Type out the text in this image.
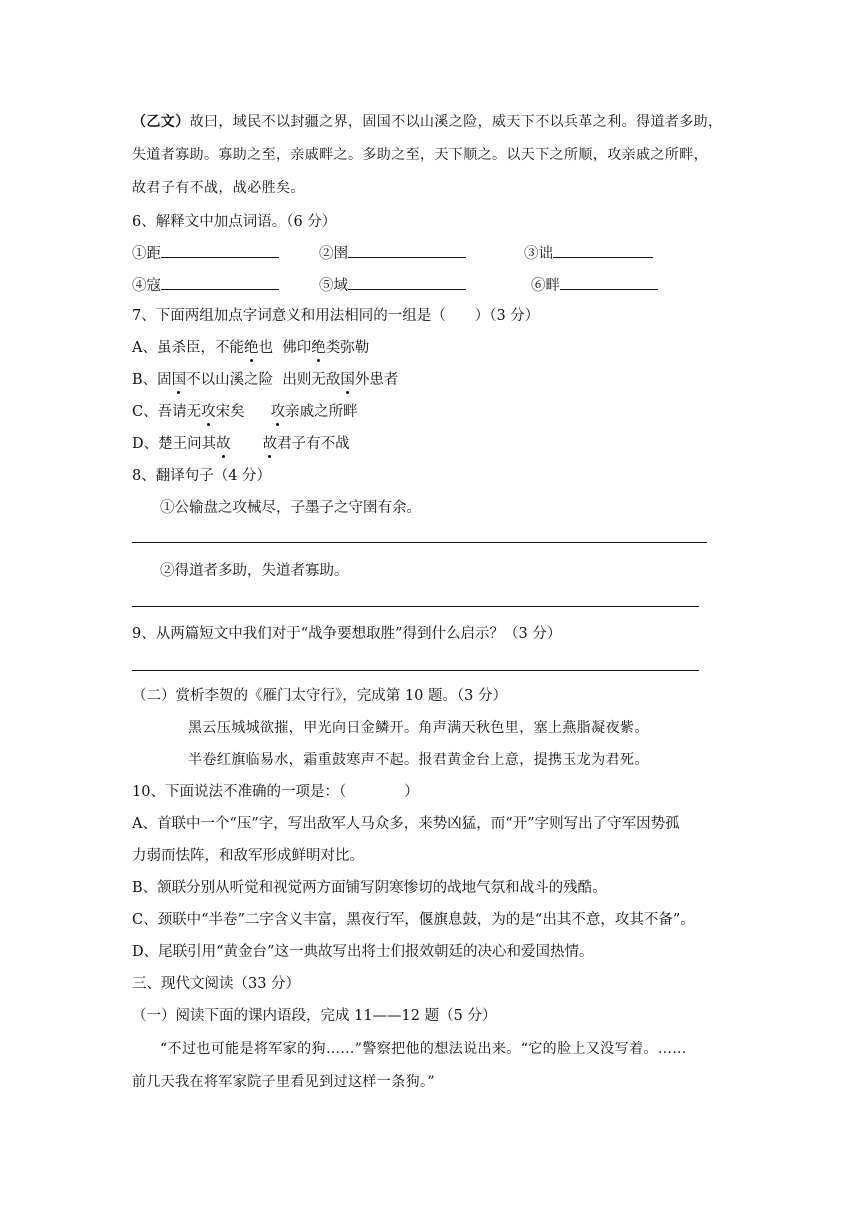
（乙文）故曰，域民不以封疆之界，固国不以山溪之险，威天下不以兵革之利。得道者多助，
失道者寡助。寡助之至，亲戚畔之。多助之至，天下顺之。以天下之所顺，攻亲戚之所畔，
故君子有不战，战必胜矣。
6、解释文中加点词语。（6 分）
①距	②圉	③诎
④寇	⑤域	⑥畔
7、下面两组加点字词意义和用法相同的一组是（　　）（3 分）
A、虽杀臣，不能绝也  佛印绝类弥勒
B、固国不以山溪之险  出则无敌国外患者
C、吾请无攻宋矣 攻亲戚之所畔
D、楚王问其故 故君子有不战
8、翻译句子（4 分）
①公输盘之攻械尽，子墨子之守圉有余。
②得道者多助，失道者寡助。
9、从两篇短文中我们对于“战争要想取胜”得到什么启示？（3 分）
（二）赏析李贺的《雁门太守行》，完成第 10 题。（3 分）
黑云压城城欲摧，甲光向日金鳞开。角声满天秋色里，塞上燕脂凝夜紫。
半卷红旗临易水，霜重鼓寒声不起。报君黄金台上意，提携玉龙为君死。
10、下面说法不准确的一项是：（　　　　）
A、首联中一个“压”字，写出敌军人马众多，来势凶猛，而“开”字则写出了守军因势孤
力弱而怯阵，和敌军形成鲜明对比。
B、颔联分别从听觉和视觉两方面铺写阴寒惨切的战地气氛和战斗的残酷。
C、颈联中“半卷”二字含义丰富，黑夜行军，偃旗息鼓，为的是“出其不意，攻其不备”。
D、尾联引用“黄金台”这一典故写出将士们报效朝廷的决心和爱国热情。
三、现代文阅读（33 分）
（一）阅读下面的课内语段，完成 11——12 题（5 分）
“不过也可能是将军家的狗……”警察把他的想法说出来。“它的脸上又没写着。……
前几天我在将军家院子里看见到过这样一条狗。”
